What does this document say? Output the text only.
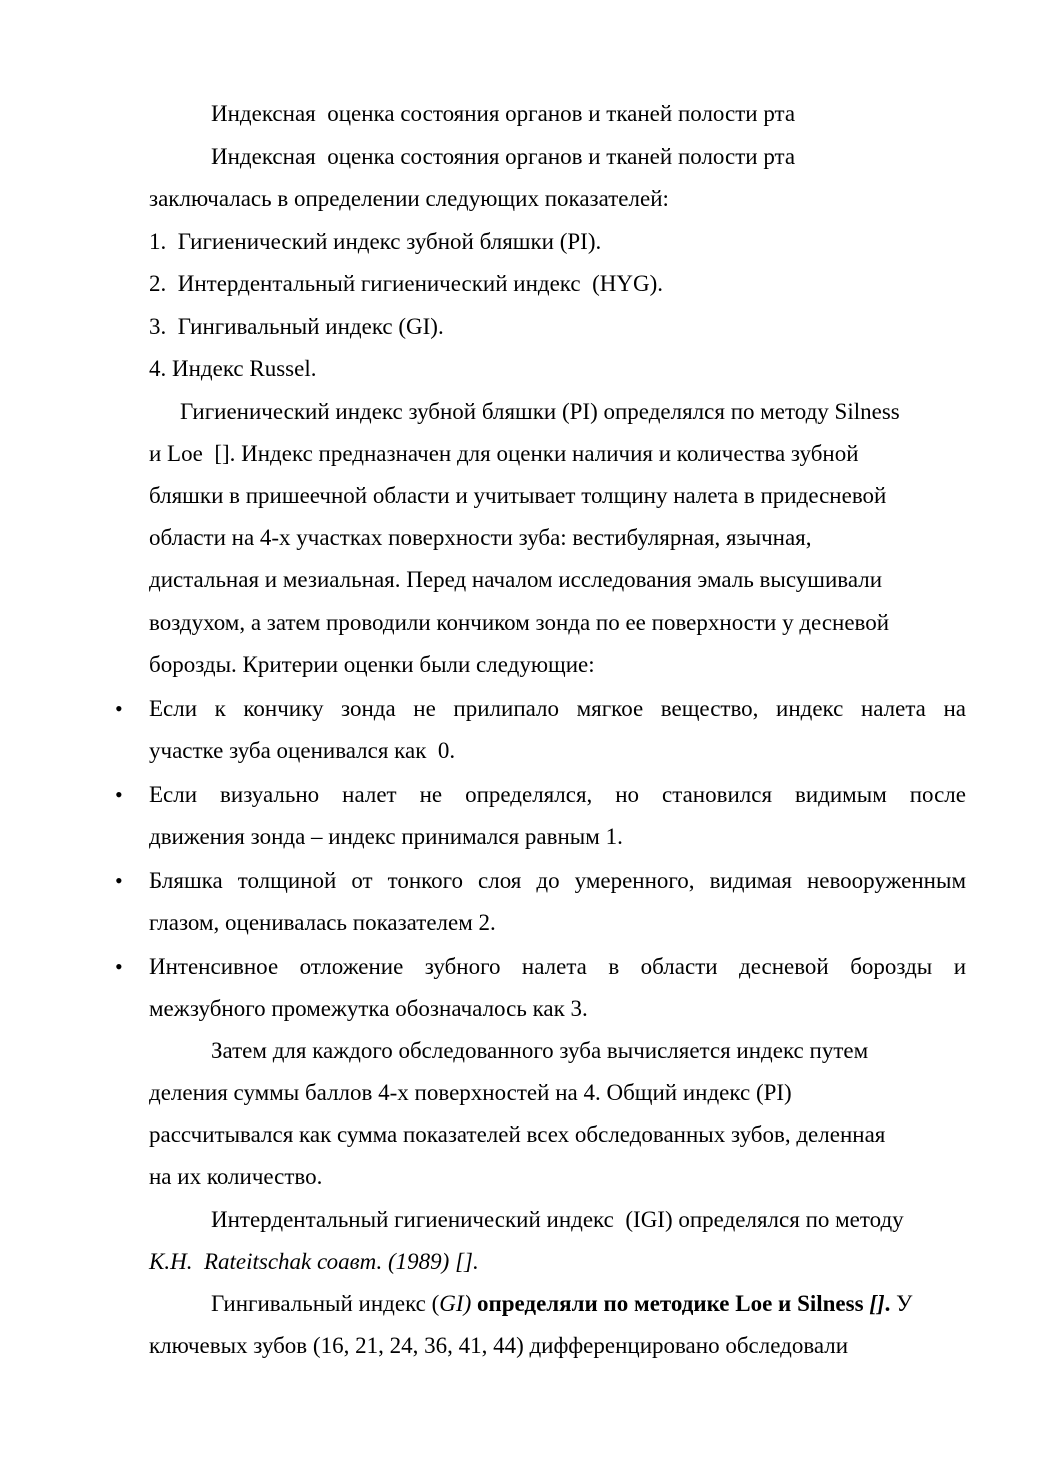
Индексная  оценка состояния органов и тканей полости рта
Индексная  оценка состояния органов и тканей полости рта
заключалась в определении следующих показателей:
1.  Гигиенический индекс зубной бляшки (PI).
2.  Интердентальный гигиенический индекс  (HYG).
3.  Гингивальный индекс (GI).
4. Индекс Russel.
Гигиенический индекс зубной бляшки (PI) определялся по методу Silness
и Loe  []. Индекс предназначен для оценки наличия и количества зубной
бляшки в пришеечной области и учитывает толщину налета в придесневой
области на 4-х участках поверхности зуба: вестибулярная, язычная,
дистальная и мезиальная. Перед началом исследования эмаль высушивали
воздухом, а затем проводили кончиком зонда по ее поверхности у десневой
борозды. Критерии оценки были следующие:
• Если к кончику зонда не прилипало мягкое вещество, индекс налета на
участке зуба оценивался как  0.
• Если визуально налет не определялся, но становился видимым после
движения зонда – индекс принимался равным 1.
• Бляшка толщиной от тонкого слоя до умеренного, видимая невооруженным
глазом, оценивалась показателем 2.
• Интенсивное отложение зубного налета в области десневой борозды и
межзубного промежутка обозначалось как 3.
Затем для каждого обследованного зуба вычисляется индекс путем
деления суммы баллов 4-х поверхностей на 4. Общий индекс (PI)
рассчитывался как сумма показателей всех обследованных зубов, деленная
на их количество.
Интердентальный гигиенический индекс  (IGI) определялся по методу
K.H.  Rateitschak соавт. (1989) [].
Гингивальный индекс (GI) определяли по методике Loe и Silness []. У
ключевых зубов (16, 21, 24, 36, 41, 44) дифференцировано обследовали
